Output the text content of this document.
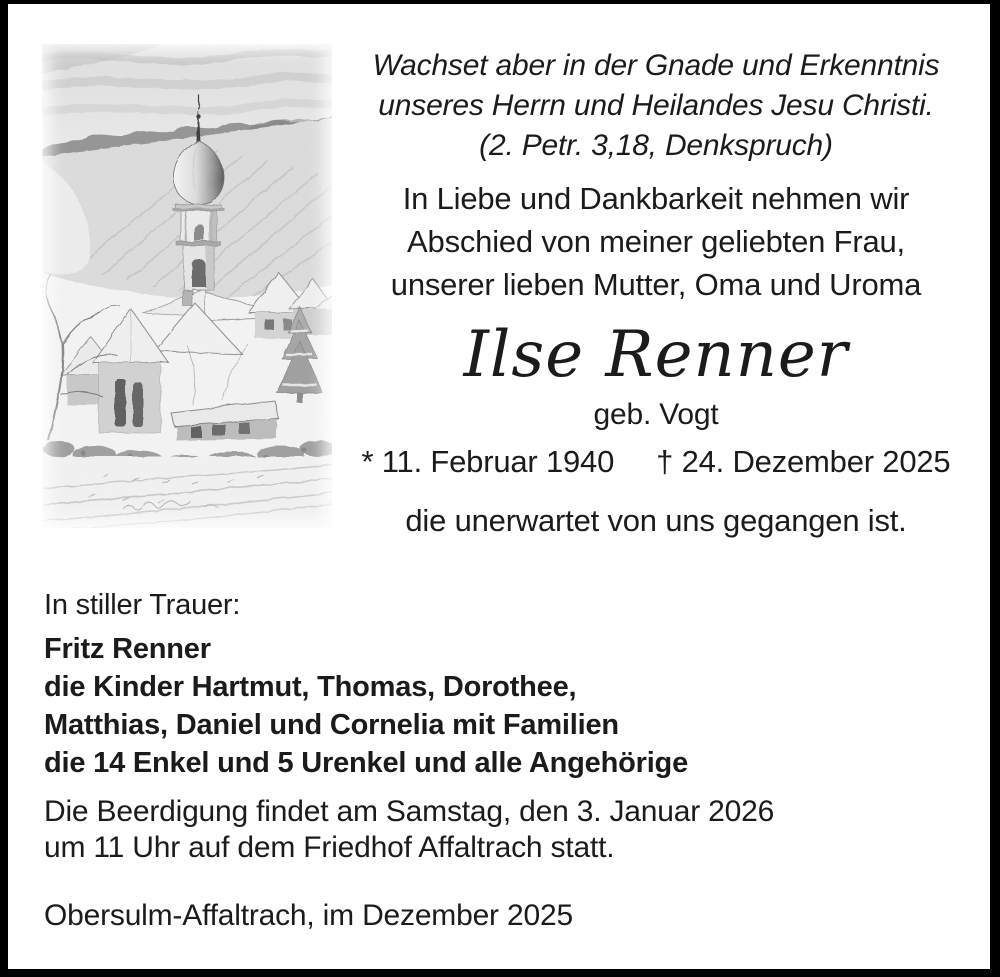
Wachset aber in der Gnade und Erkenntnis
unseres Herrn und Heilandes Jesu Christi.
(2. Petr. 3,18, Denkspruch)
In Liebe und Dankbarkeit nehmen wir
Abschied von meiner geliebten Frau,
unserer lieben Mutter, Oma und Uroma
Ilse Renner
geb. Vogt
* 11. Februar 1940 † 24. Dezember 2025
die unerwartet von uns gegangen ist.
In stiller Trauer:
Fritz Renner
die Kinder Hartmut, Thomas, Dorothee,
Matthias, Daniel und Cornelia mit Familien
die 14 Enkel und 5 Urenkel und alle Angehörige
Die Beerdigung findet am Samstag, den 3. Januar 2026
um 11 Uhr auf dem Friedhof Affaltrach statt.
Obersulm-Affaltrach, im Dezember 2025
